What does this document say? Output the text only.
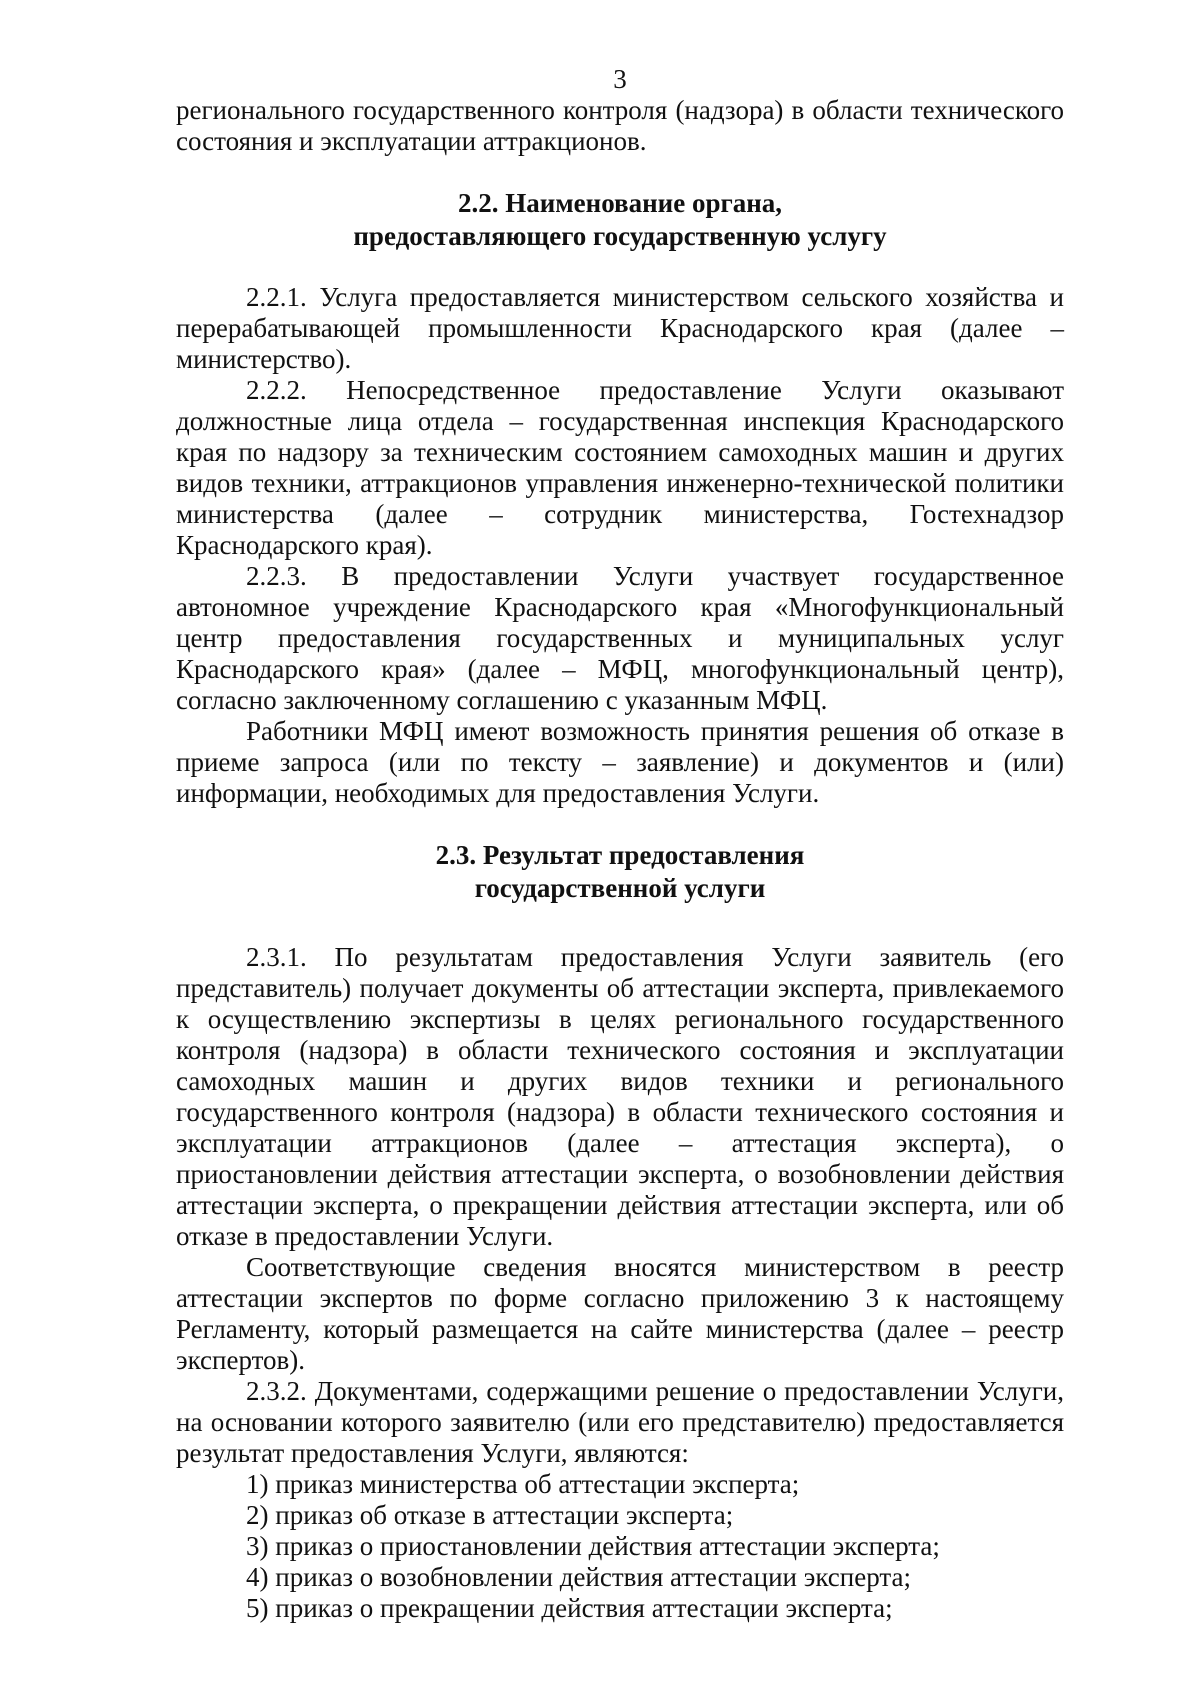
3

регионального государственного контроля (надзора) в области технического состояния и эксплуатации аттракционов.

2.2. Наименование органа,

предоставляющего государственную услугу

2.2.1. Услуга предоставляется министерством сельского хозяйства и перерабатывающей промышленности Краснодарского края (далее – министерство).

2.2.2. Непосредственное предоставление Услуги оказывают должностные лица отдела – государственная инспекция Краснодарского края по надзору за техническим состоянием самоходных машин и других видов техники, аттракционов управления инженерно-технической политики министерства (далее – сотрудник министерства, Гостехнадзор Краснодарского края).

2.2.3. В предоставлении Услуги участвует государственное автономное учреждение Краснодарского края «Многофункциональный центр предоставления государственных и муниципальных услуг Краснодарского края» (далее – МФЦ, многофункциональный центр), согласно заключенному соглашению с указанным МФЦ.

Работники МФЦ имеют возможность принятия решения об отказе в приеме запроса (или по тексту – заявление) и документов и (или) информации, необходимых для предоставления Услуги.

2.3. Результат предоставления

государственной услуги

2.3.1. По результатам предоставления Услуги заявитель (его представитель) получает документы об аттестации эксперта, привлекаемого к осуществлению экспертизы в целях регионального государственного контроля (надзора) в области технического состояния и эксплуатации самоходных машин и других видов техники и регионального государственного контроля (надзора) в области технического состояния и эксплуатации аттракционов (далее – аттестация эксперта), о приостановлении действия аттестации эксперта, о возобновлении действия аттестации эксперта, о прекращении действия аттестации эксперта, или об отказе в предоставлении Услуги.

Соответствующие сведения вносятся министерством в реестр аттестации экспертов по форме согласно приложению 3 к настоящему Регламенту, который размещается на сайте министерства (далее – реестр экспертов).

2.3.2. Документами, содержащими решение о предоставлении Услуги, на основании которого заявителю (или его представителю) предоставляется результат предоставления Услуги, являются:

1) приказ министерства об аттестации эксперта;

2) приказ об отказе в аттестации эксперта;

3) приказ о приостановлении действия аттестации эксперта;

4) приказ о возобновлении действия аттестации эксперта;

5) приказ о прекращении действия аттестации эксперта;
